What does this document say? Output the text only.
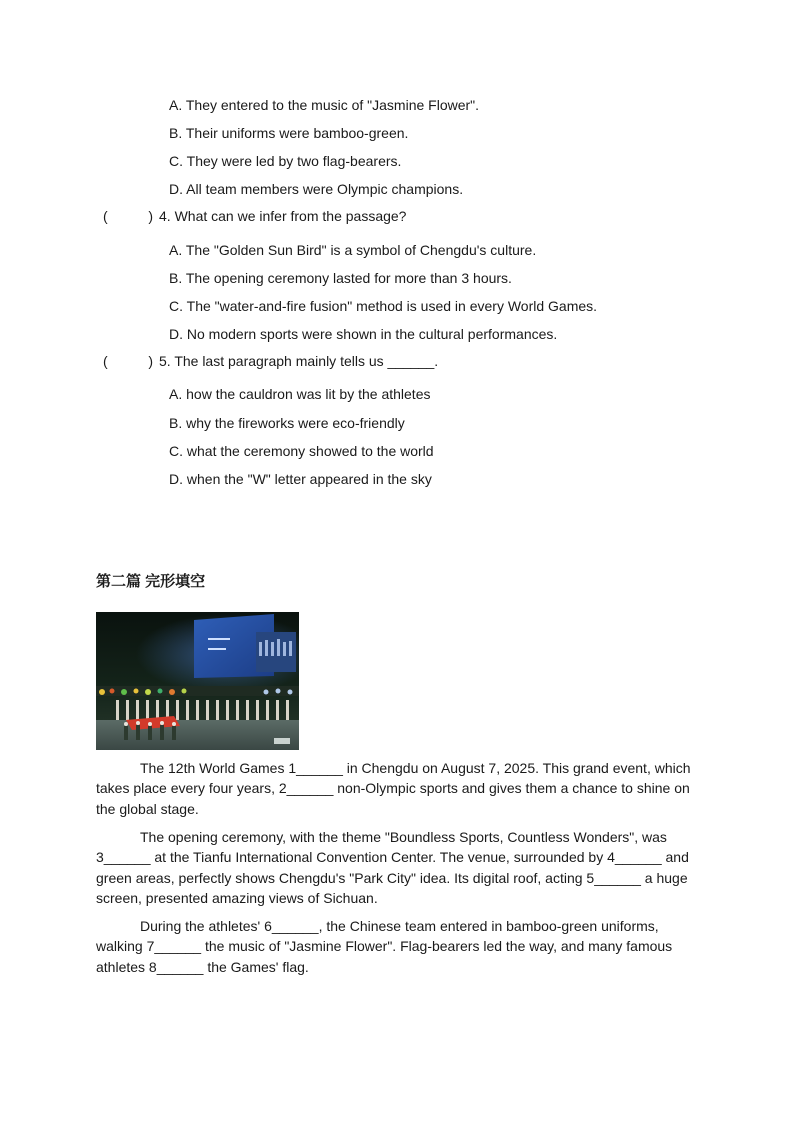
A. They entered to the music of "Jasmine Flower".
B. Their uniforms were bamboo-green.
C. They were led by two flag-bearers.
D. All team members were Olympic champions.
(	) 4. What can we infer from the passage?
A. The "Golden Sun Bird" is a symbol of Chengdu's culture.
B. The opening ceremony lasted for more than 3 hours.
C. The "water-and-fire fusion" method is used in every World Games.
D. No modern sports were shown in the cultural performances.
(	) 5. The last paragraph mainly tells us ______.
A. how the cauldron was lit by the athletes
B. why the fireworks were eco-friendly
C. what the ceremony showed to the world
D. when the "W" letter appeared in the sky
第二篇 完形填空
The 12th World Games 1______ in Chengdu on August 7, 2025. This grand event, which takes place every four years, 2______ non-Olympic sports and gives them a chance to shine on the global stage.
The opening ceremony, with the theme "Boundless Sports, Countless Wonders", was 3______ at the Tianfu International Convention Center. The venue, surrounded by 4______ and green areas, perfectly shows Chengdu's "Park City" idea. Its digital roof, acting 5______ a huge screen, presented amazing views of Sichuan.
During the athletes' 6______, the Chinese team entered in bamboo-green uniforms, walking 7______ the music of "Jasmine Flower". Flag-bearers led the way, and many famous athletes 8______ the Games' flag.
